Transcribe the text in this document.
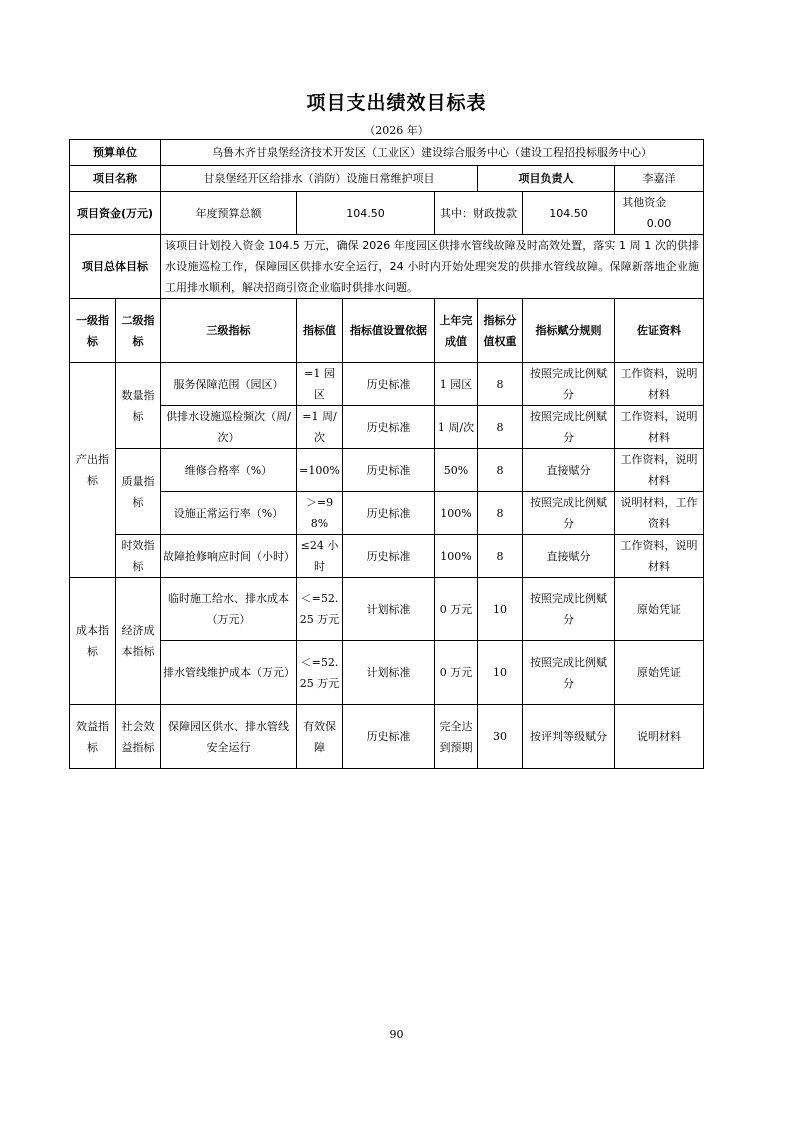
项目支出绩效目标表
（2026 年）
预算单位		乌鲁木齐甘泉堡经济技术开发区（工业区）建设综合服务中心（建设工程招投标服务中心）						
项目名称		甘泉堡经开区给排水（消防）设施日常维护项目				项目负责人		李嘉洋
项目资金(万元)		年度预算总额	104.50		其中：财政拨款		104.50	其他资金  0.00
项目总体目标		该项目计划投入资金 104.5 万元，确保 2026 年度园区供排水管线故障及时高效处置，落实 1 周 1 次的供排水设施巡检工作，保障园区供排水安全运行，24 小时内开始处理突发的供排水管线故障。保障新落地企业施工用排水顺利，解决招商引资企业临时供排水问题。						
一级指标	二级指标	三级指标	指标值	指标值设置依据	上年完成值	指标分值权重	指标赋分规则	佐证资料
产出指标	数量指标	服务保障范围（园区）	=1 园区	历史标准	1 园区	8	按照完成比例赋分	工作资料，说明材料
		供排水设施巡检频次（周/次）	=1 周/次	历史标准	1 周/次	8	按照完成比例赋分	工作资料，说明材料
	质量指标	维修合格率（%）	=100%	历史标准	50%	8	直接赋分	工作资料，说明材料
		设施正常运行率（%）	＞=98%	历史标准	100%	8	按照完成比例赋分	说明材料，工作资料
	时效指标	故障抢修响应时间（小时）	≤24 小时	历史标准	100%	8	直接赋分	工作资料，说明材料
成本指标	经济成本指标	临时施工给水、排水成本（万元）	＜=52.25 万元	计划标准	0 万元	10	按照完成比例赋分	原始凭证
		排水管线维护成本（万元）	＜=52.25 万元	计划标准	0 万元	10	按照完成比例赋分	原始凭证
效益指标	社会效益指标	保障园区供水、排水管线安全运行	有效保障	历史标准	完全达到预期	30	按评判等级赋分	说明材料
90
